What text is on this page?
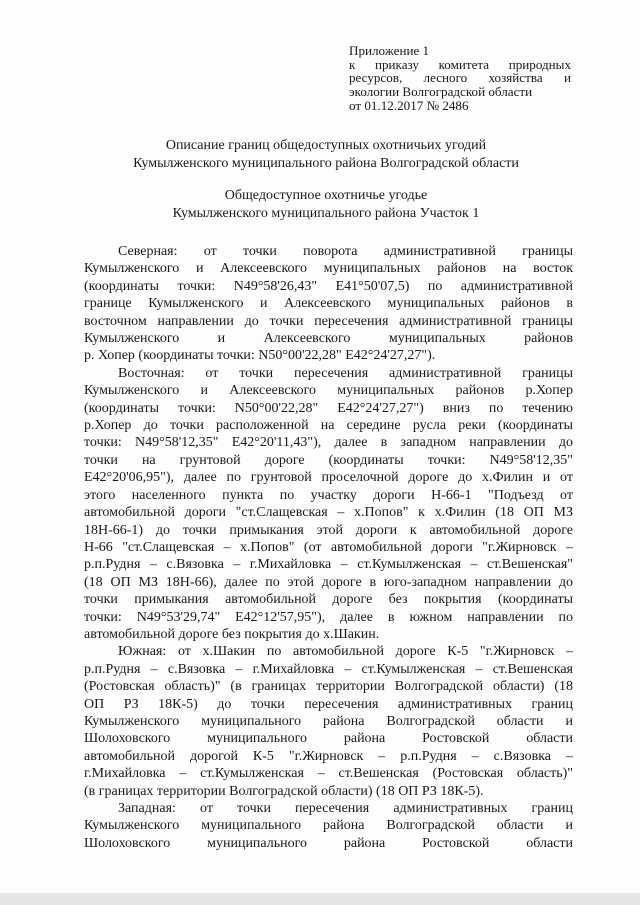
Приложение 1
к приказу комитета природных
ресурсов, лесного хозяйства и
экологии Волгоградской области
от 01.12.2017 № 2486
Описание границ общедоступных охотничьих угодий
Кумылженского муниципального района Волгоградской области
Общедоступное охотничье угодье
Кумылженского муниципального района Участок 1
Северная: от точки поворота административной границы
Кумылженского и Алексеевского муниципальных районов на восток
(координаты точки: N49°58'26,43" E41°50'07,5) по административной
границе Кумылженского и Алексеевского муниципальных районов в
восточном направлении до точки пересечения административной границы
Кумылженского и Алексеевского муниципальных районов
р. Хопер (координаты точки: N50°00'22,28" E42°24'27,27").
Восточная: от точки пересечения административной границы
Кумылженского и Алексеевского муниципальных районов р.Хопер
(координаты точки: N50°00'22,28" E42°24'27,27") вниз по течению
р.Хопер до точки расположенной на середине русла реки (координаты
точки: N49°58'12,35" E42°20'11,43"), далее в западном направлении до
точки на грунтовой дороге (координаты точки: N49°58'12,35"
E42°20'06,95"), далее по грунтовой проселочной дороге до х.Филин и от
этого населенного пункта по участку дороги Н-66-1 "Подъезд от
автомобильной дороги "ст.Слащевская – х.Попов" к х.Филин (18 ОП МЗ
18Н-66-1) до точки примыкания этой дороги к автомобильной дороге
Н-66 "ст.Слащевская – х.Попов" (от автомобильной дороги "г.Жирновск –
р.п.Рудня – с.Вязовка – г.Михайловка – ст.Кумылженская – ст.Вешенская"
(18 ОП МЗ 18Н-66), далее по этой дороге в юго-западном направлении до
точки примыкания автомобильной дороге без покрытия (координаты
точки: N49°53'29,74" E42°12'57,95"), далее в южном направлении по
автомобильной дороге без покрытия до х.Шакин.
Южная: от х.Шакин по автомобильной дороге К-5 "г.Жирновск –
р.п.Рудня – с.Вязовка – г.Михайловка – ст.Кумылженская – ст.Вешенская
(Ростовская область)" (в границах территории Волгоградской области) (18
ОП РЗ 18К-5) до точки пересечения административных границ
Кумылженского муниципального района Волгоградской области и
Шолоховского муниципального района Ростовской области
автомобильной дорогой К-5 "г.Жирновск – р.п.Рудня – с.Вязовка –
г.Михайловка – ст.Кумылженская – ст.Вешенская (Ростовская область)"
(в границах территории Волгоградской области) (18 ОП РЗ 18К-5).
Западная: от точки пересечения административных границ
Кумылженского муниципального района Волгоградской области и
Шолоховского муниципального района Ростовской области
